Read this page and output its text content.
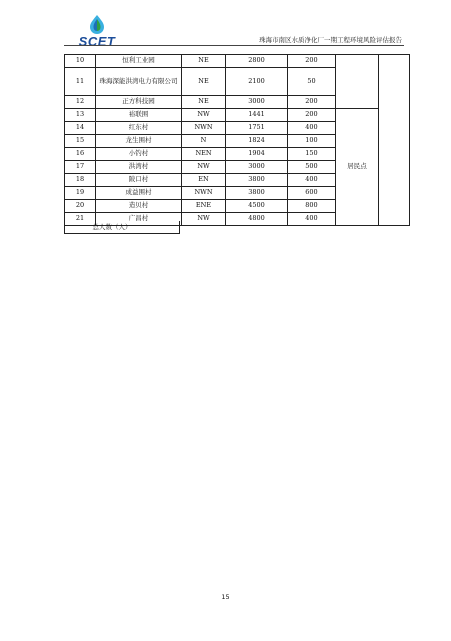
SCET	珠海市南区水质净化厂一期工程环境风险评估报告
10	恒利工业园	NE	2800	200		
11	珠海深能洪湾电力有限公司	NE	2100	50		
12	正方科技园	NE	3000	200		
13	裕联围	NW	1441	200	居民点	
14	红东村	NWN	1751	400		
15	龙生围村	N	1824	100		
16	小钓村	NEN	1904	150		
17	洪湾村	NW	3000	500		
18	陂口村	EN	3800	400		
19	成益围村	NWN	3800	600		
20	造贝村	ENE	4500	800		
21	广昌村	NW	4800	400		
总人数（人）
15
